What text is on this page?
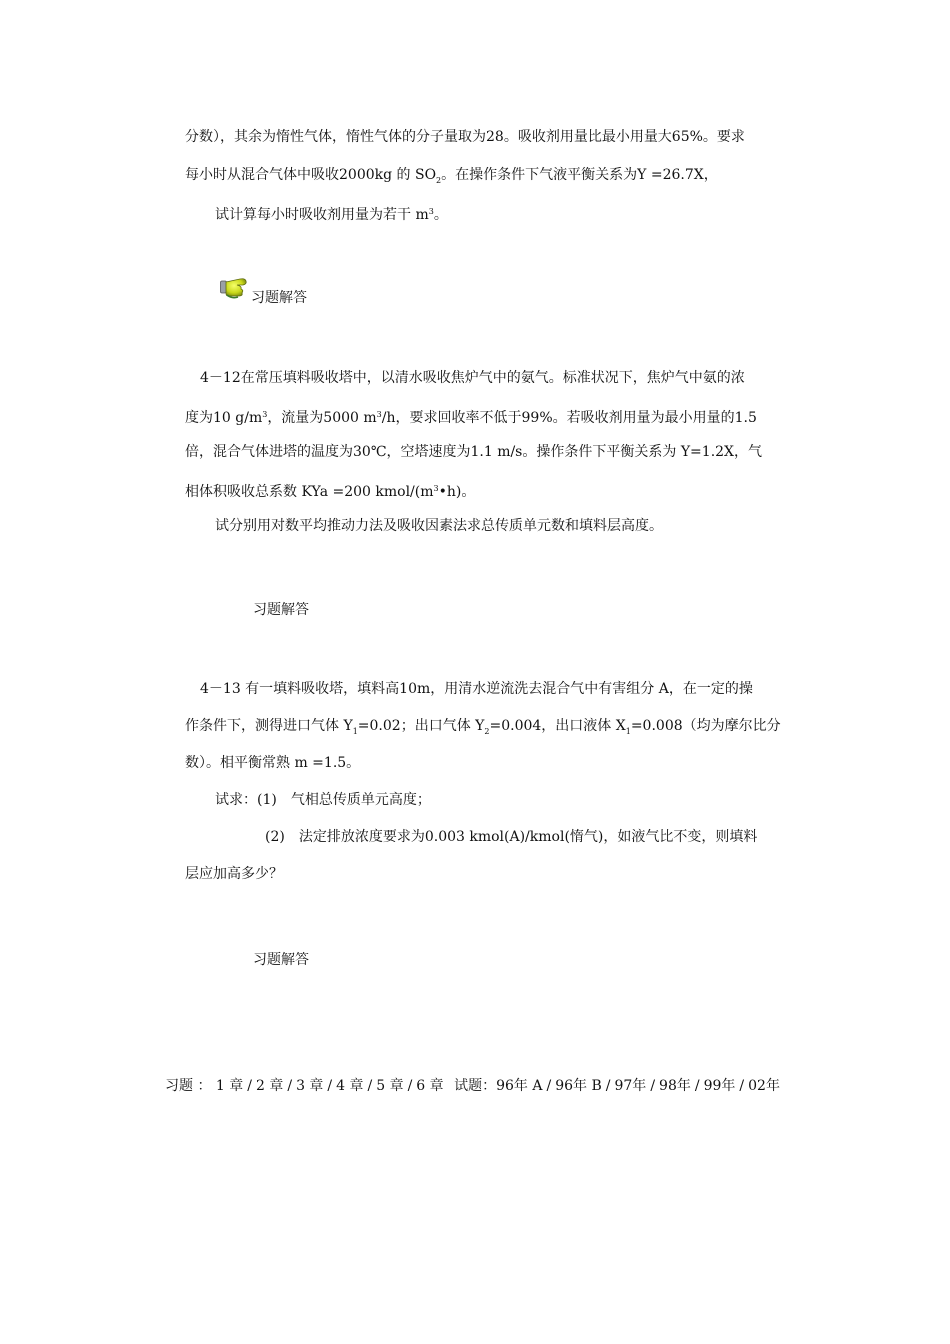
分数），其余为惰性气体，惰性气体的分子量取为28。吸收剂用量比最小用量大65%。要求
每小时从混合气体中吸收2000kg 的 $SO_2$。在操作条件下气液平衡关系为Y =26.7X，
试计算每小时吸收剂用量为若干 $m^3$。
习题解答
4－12在常压填料吸收塔中，以清水吸收焦炉气中的氨气。标准状况下，焦炉气中氨的浓
度为10 $g/m^3$，流量为5000 $m^3/h$，要求回收率不低于99%。若吸收剂用量为最小用量的1.5
倍，混合气体进塔的温度为30℃，空塔速度为1.1 m/s。操作条件下平衡关系为 Y=1.2X，气
相体积吸收总系数 KYa =200 kmol/$(m^3•h)$。
试分别用对数平均推动力法及吸收因素法求总传质单元数和填料层高度。
习题解答
4－13 有一填料吸收塔，填料高10m，用清水逆流洗去混合气中有害组分 A，在一定的操
作条件下，测得进口气体 $Y_1=0.02$；出口气体 $Y_2=0.004$，出口液体 $X_1=0.008$（均为摩尔比分
数）。相平衡常熟 m =1.5。
试求：(1)　气相总传质单元高度；
(2)　法定排放浓度要求为0.003 kmol(A)/kmol(惰气)，如液气比不变，则填料
层应加高多少？
习题解答
习题 ： 1 章 / 2 章 / 3 章 / 4 章 / 5 章 / 6 章 试题：96年 A / 96年 B / 97年 / 98年 / 99年 / 02年
